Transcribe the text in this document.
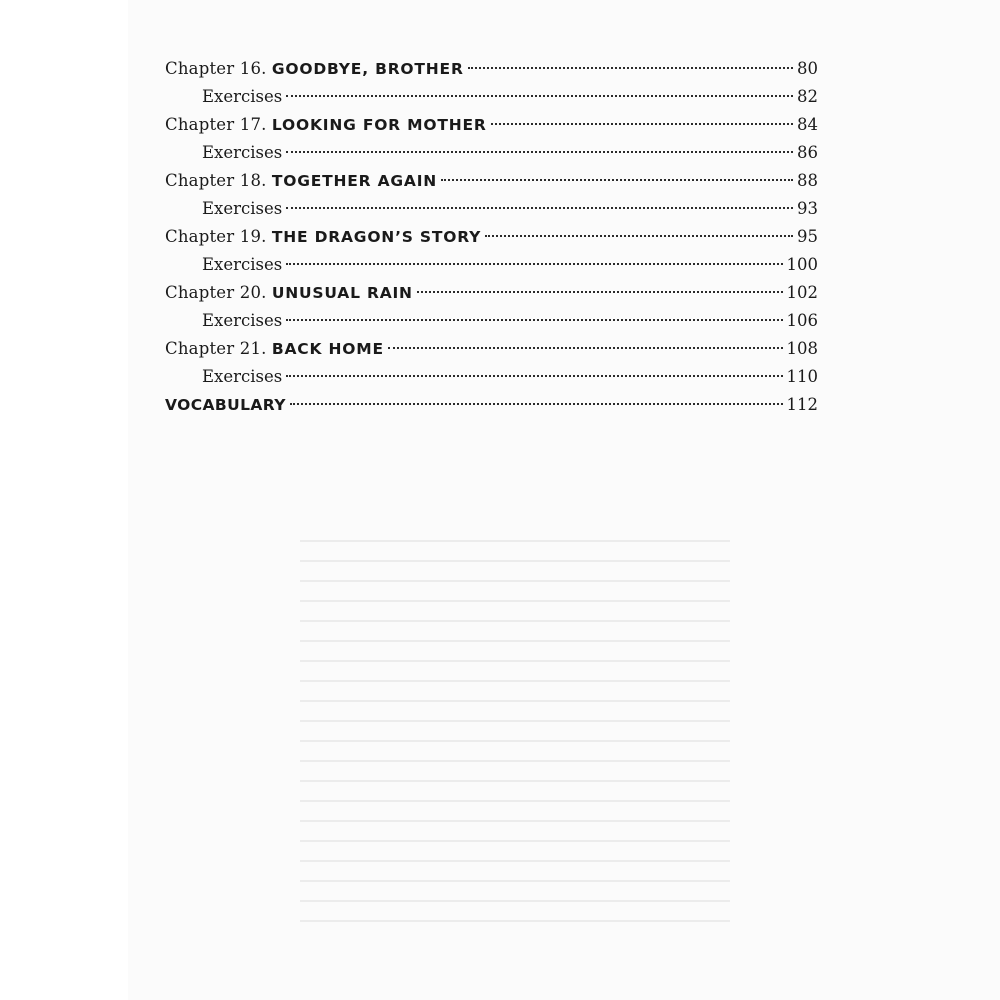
Chapter 16. GOODBYE, BROTHER	80
Exercises	82
Chapter 17. LOOKING FOR MOTHER	84
Exercises	86
Chapter 18. TOGETHER AGAIN	88
Exercises	93
Chapter 19. THE DRAGON’S STORY	95
Exercises	100
Chapter 20. UNUSUAL RAIN	102
Exercises	106
Chapter 21. BACK HOME	108
Exercises	110
VOCABULARY	112
